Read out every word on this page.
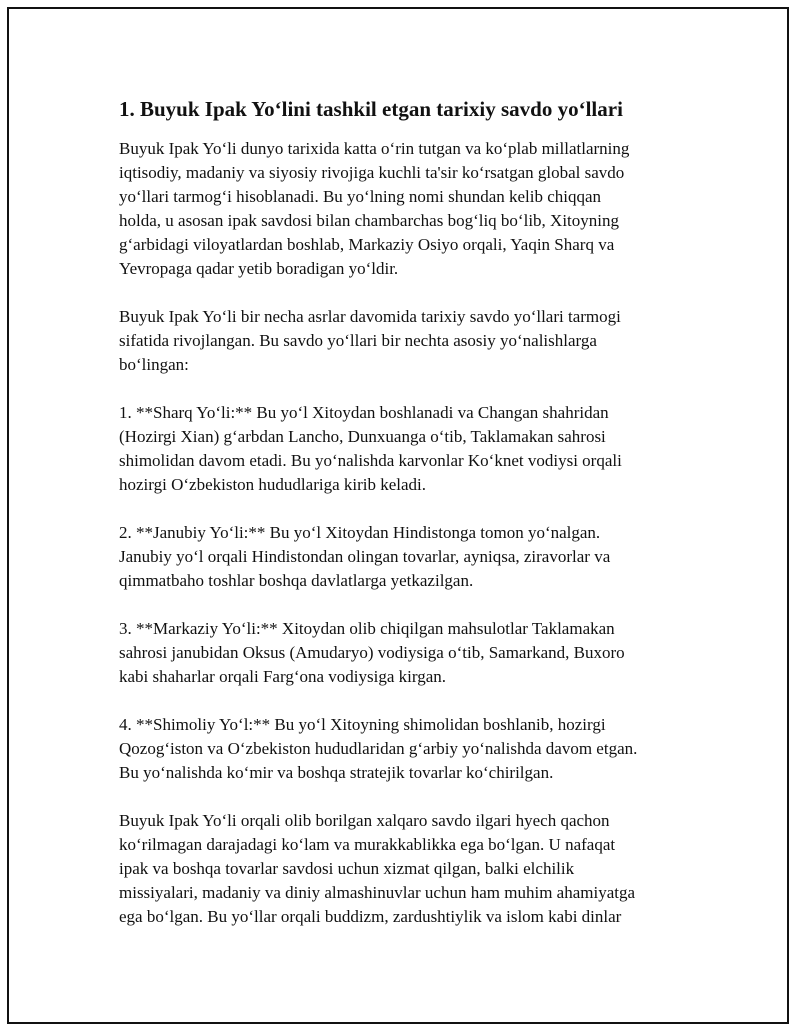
1. Buyuk Ipak Yo‘lini tashkil etgan tarixiy savdo yo‘llari

Buyuk Ipak Yo‘li dunyo tarixida katta o‘rin tutgan va ko‘plab millatlarning
iqtisodiy, madaniy va siyosiy rivojiga kuchli ta'sir ko‘rsatgan global savdo
yo‘llari tarmog‘i hisoblanadi. Bu yo‘lning nomi shundan kelib chiqqan
holda, u asosan ipak savdosi bilan chambarchas bog‘liq bo‘lib, Xitoyning
g‘arbidagi viloyatlardan boshlab, Markaziy Osiyo orqali, Yaqin Sharq va
Yevropaga qadar yetib boradigan yo‘ldir.

Buyuk Ipak Yo‘li bir necha asrlar davomida tarixiy savdo yo‘llari tarmogi
sifatida rivojlangan. Bu savdo yo‘llari bir nechta asosiy yo‘nalishlarga
bo‘lingan:

1. **Sharq Yo‘li:** Bu yo‘l Xitoydan boshlanadi va Changan shahridan
(Hozirgi Xian) g‘arbdan Lancho, Dunxuanga o‘tib, Taklamakan sahrosi
shimolidan davom etadi. Bu yo‘nalishda karvonlar Ko‘knet vodiysi orqali
hozirgi O‘zbekiston hududlariga kirib keladi.

2. **Janubiy Yo‘li:** Bu yo‘l Xitoydan Hindistonga tomon yo‘nalgan.
Janubiy yo‘l orqali Hindistondan olingan tovarlar, ayniqsa, ziravorlar va
qimmatbaho toshlar boshqa davlatlarga yetkazilgan.

3. **Markaziy Yo‘li:** Xitoydan olib chiqilgan mahsulotlar Taklamakan
sahrosi janubidan Oksus (Amudaryo) vodiysiga o‘tib, Samarkand, Buxoro
kabi shaharlar orqali Farg‘ona vodiysiga kirgan.

4. **Shimoliy Yo‘l:** Bu yo‘l Xitoyning shimolidan boshlanib, hozirgi
Qozog‘iston va O‘zbekiston hududlaridan g‘arbiy yo‘nalishda davom etgan.
Bu yo‘nalishda ko‘mir va boshqa stratejik tovarlar ko‘chirilgan.

Buyuk Ipak Yo‘li orqali olib borilgan xalqaro savdo ilgari hyech qachon
ko‘rilmagan darajadagi ko‘lam va murakkablikka ega bo‘lgan. U nafaqat
ipak va boshqa tovarlar savdosi uchun xizmat qilgan, balki elchilik
missiyalari, madaniy va diniy almashinuvlar uchun ham muhim ahamiyatga
ega bo‘lgan. Bu yo‘llar orqali buddizm, zardushtiylik va islom kabi dinlar
